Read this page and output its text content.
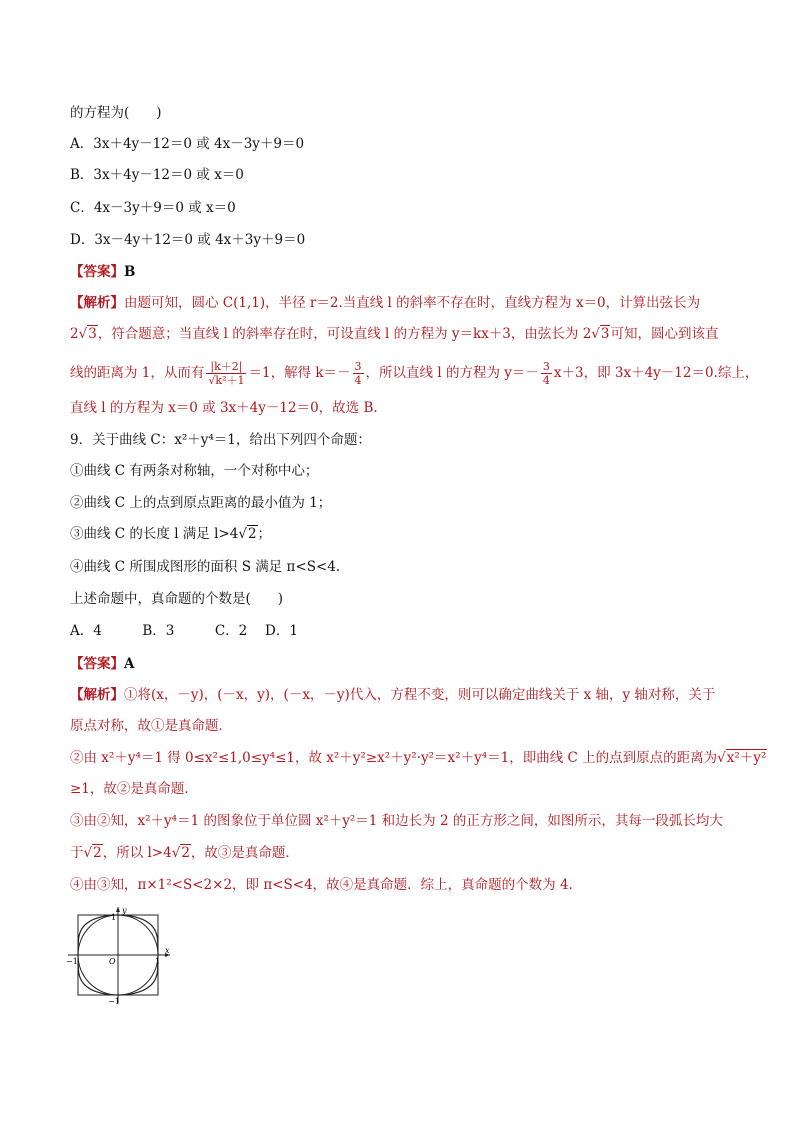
的方程为(　　)
A．3x＋4y－12＝0 或 4x－3y＋9＝0
B．3x＋4y－12＝0 或 x＝0
C．4x－3y＋9＝0 或 x＝0
D．3x－4y＋12＝0 或 4x＋3y＋9＝0
【答案】B
【解析】由题可知，圆心 C(1,1)，半径 r＝2.当直线 l 的斜率不存在时，直线方程为 x＝0，计算出弦长为
2√3，符合题意；当直线 l 的斜率存在时，可设直线 l 的方程为 y＝kx＋3，由弦长为 2√3可知，圆心到该直
线的距离为 1，从而有 $\frac{|k+2|}{\text{√k²＋1}} =1$，解得 $k=- \frac{3}{4}$ ，所以直线 l 的方程为 $y=- \frac{3}{4} x+3$，即 3x＋4y－12＝0.综上，
直线 l 的方程为 x＝0 或 3x＋4y－12＝0，故选 B.
9．关于曲线 C：x²＋y⁴＝1，给出下列四个命题：
①曲线 C 有两条对称轴，一个对称中心；
②曲线 C 上的点到原点距离的最小值为 1；
③曲线 C 的长度 l 满足 l>4√2；
④曲线 C 所围成图形的面积 S 满足 π<S<4.
上述命题中，真命题的个数是(　　)
A．4　　　B．3　　　C．2　 D．1
【答案】A
【解析】①将(x，－y)，(－x，y)，(－x，－y)代入，方程不变，则可以确定曲线关于 x 轴，y 轴对称，关于
原点对称，故①是真命题．
②由 x²＋y⁴＝1 得 0≤x²≤1,0≤y⁴≤1，故 x²＋y²≥x²＋y²·y²＝x²＋y⁴＝1，即曲线 C 上的点到原点的距离为√x²＋y²
≥1，故②是真命题．
③由②知，x²＋y⁴＝1 的图象位于单位圆 x²＋y²＝1 和边长为 2 的正方形之间，如图所示，其每一段弧长均大
于√2，所以 l>4√2，故③是真命题．
④由③知，π×1²<S<2×2，即 π<S<4，故④是真命题．综上，真命题的个数为 4.
y
x
O
1
1
−1
−1
